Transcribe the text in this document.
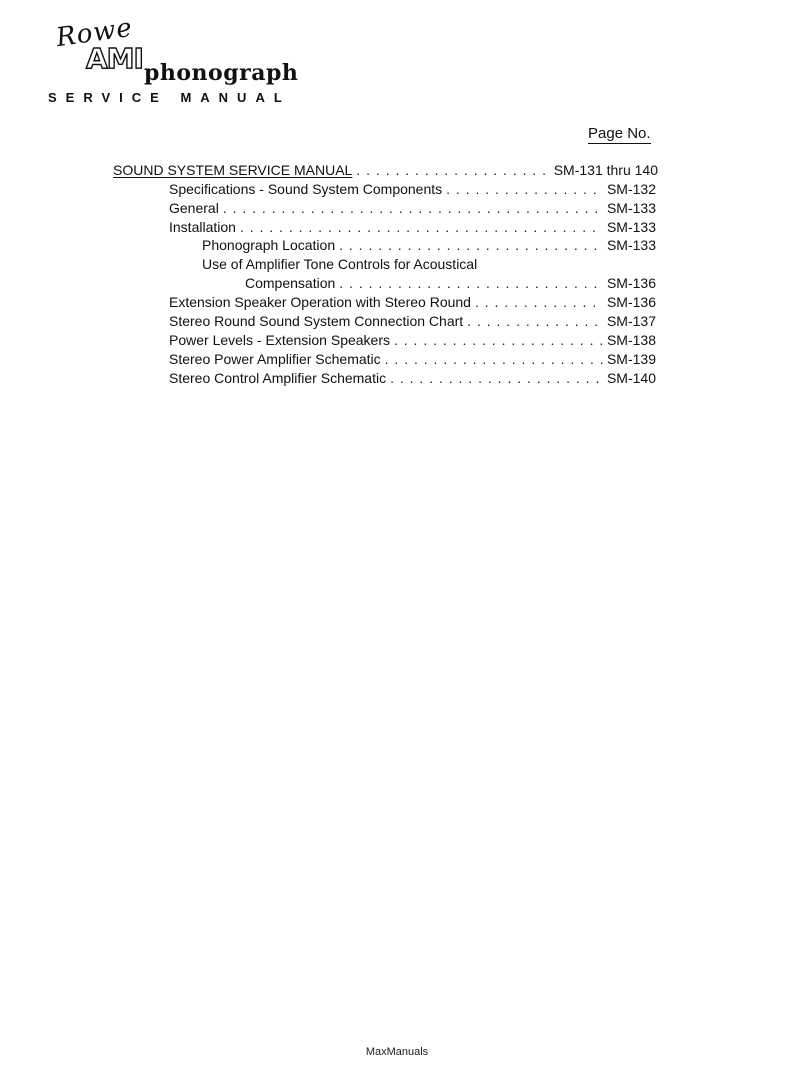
Rowe
AMI phonograph
SERVICE MANUAL
Page No.
SOUND SYSTEM SERVICE MANUAL . . .	SM-131 thru 140
Specifications - Sound System Components . . .	SM-132
General . . .	SM-133
Installation . . .	SM-133
Phonograph Location . . .	SM-133
Use of Amplifier Tone Controls for Acoustical
Compensation . . .	SM-136
Extension Speaker Operation with Stereo Round . . .	SM-136
Stereo Round Sound System Connection Chart . . .	SM-137
Power Levels - Extension Speakers . . .	SM-138
Stereo Power Amplifier Schematic . . .	SM-139
Stereo Control Amplifier Schematic . . .	SM-140
MaxManuals
